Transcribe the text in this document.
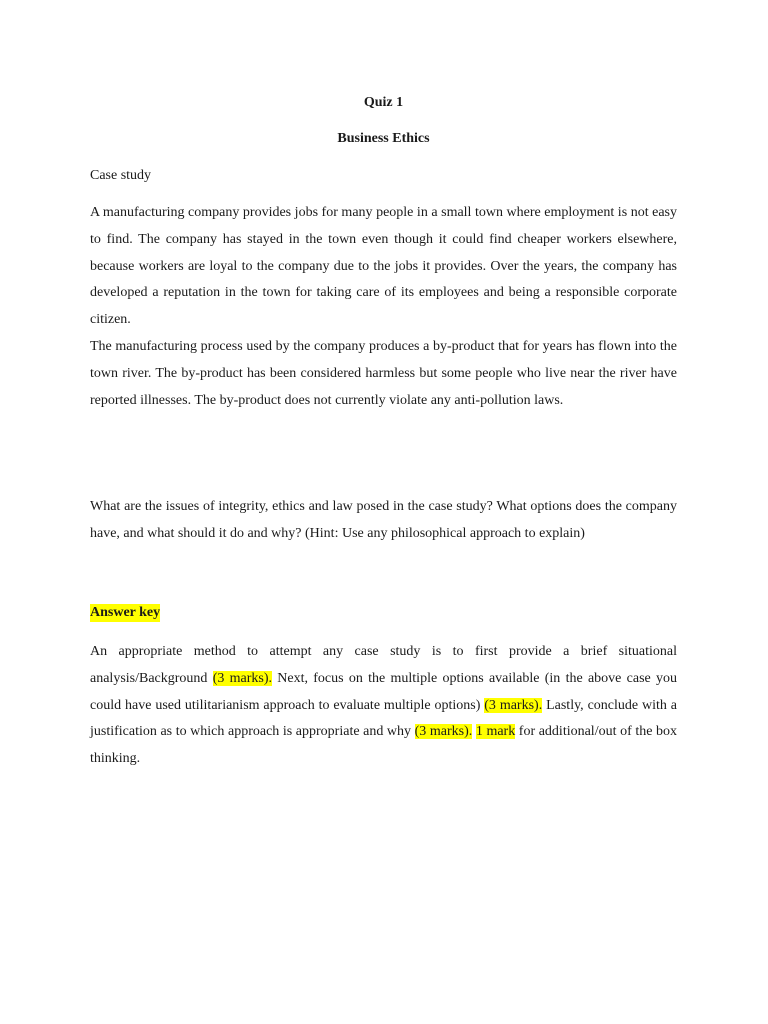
Quiz 1
Business Ethics

Case study

A manufacturing company provides jobs for many people in a small town where employment is not easy to find. The company has stayed in the town even though it could find cheaper workers elsewhere, because workers are loyal to the company due to the jobs it provides. Over the years, the company has developed a reputation in the town for taking care of its employees and being a responsible corporate citizen.

The manufacturing process used by the company produces a by-product that for years has flown into the town river. The by-product has been considered harmless but some people who live near the river have reported illnesses. The by-product does not currently violate any anti-pollution laws.

What are the issues of integrity, ethics and law posed in the case study? What options does the company have, and what should it do and why? (Hint: Use any philosophical approach to explain)

Answer key

An appropriate method to attempt any case study is to first provide a brief situational analysis/Background (3 marks). Next, focus on the multiple options available (in the above case you could have used utilitarianism approach to evaluate multiple options) (3 marks). Lastly, conclude with a justification as to which approach is appropriate and why (3 marks). 1 mark for additional/out of the box thinking.
